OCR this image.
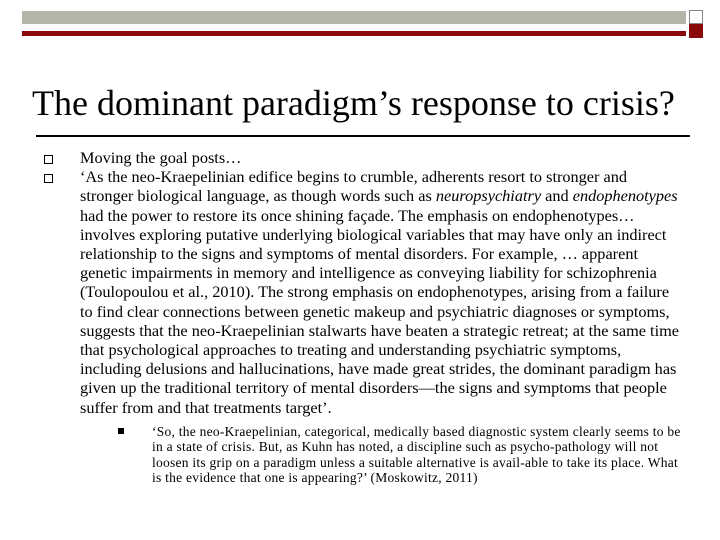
The dominant paradigm’s response to crisis?
Moving the goal posts…
‘As the neo-Kraepelinian edifice begins to crumble, adherents resort to stronger and stronger biological language, as though words such as neuropsychiatry and endophenotypes had the power to restore its once shining façade. The emphasis on endophenotypes… involves exploring putative underlying biological variables that may have only an indirect relationship to the signs and symptoms of mental disorders. For example, … apparent genetic impairments in memory and intelligence as conveying liability for schizophrenia (Toulopoulou et al., 2010). The strong emphasis on endophenotypes, arising from a failure to find clear connections between genetic makeup and psychiatric diagnoses or symptoms, suggests that the neo-Kraepelinian stalwarts have beaten a strategic retreat; at the same time that psychological approaches to treating and understanding psychiatric symptoms, including delusions and hallucinations, have made great strides, the dominant paradigm has given up the traditional territory of mental disorders—the signs and symptoms that people suffer from and that treatments target’.
‘So, the neo-Kraepelinian, categorical, medically based diagnostic system clearly seems to be in a state of crisis. But, as Kuhn has noted, a discipline such as psycho-pathology will not loosen its grip on a paradigm unless a suitable alternative is avail-able to take its place. What is the evidence that one is appearing?’ (Moskowitz, 2011)
